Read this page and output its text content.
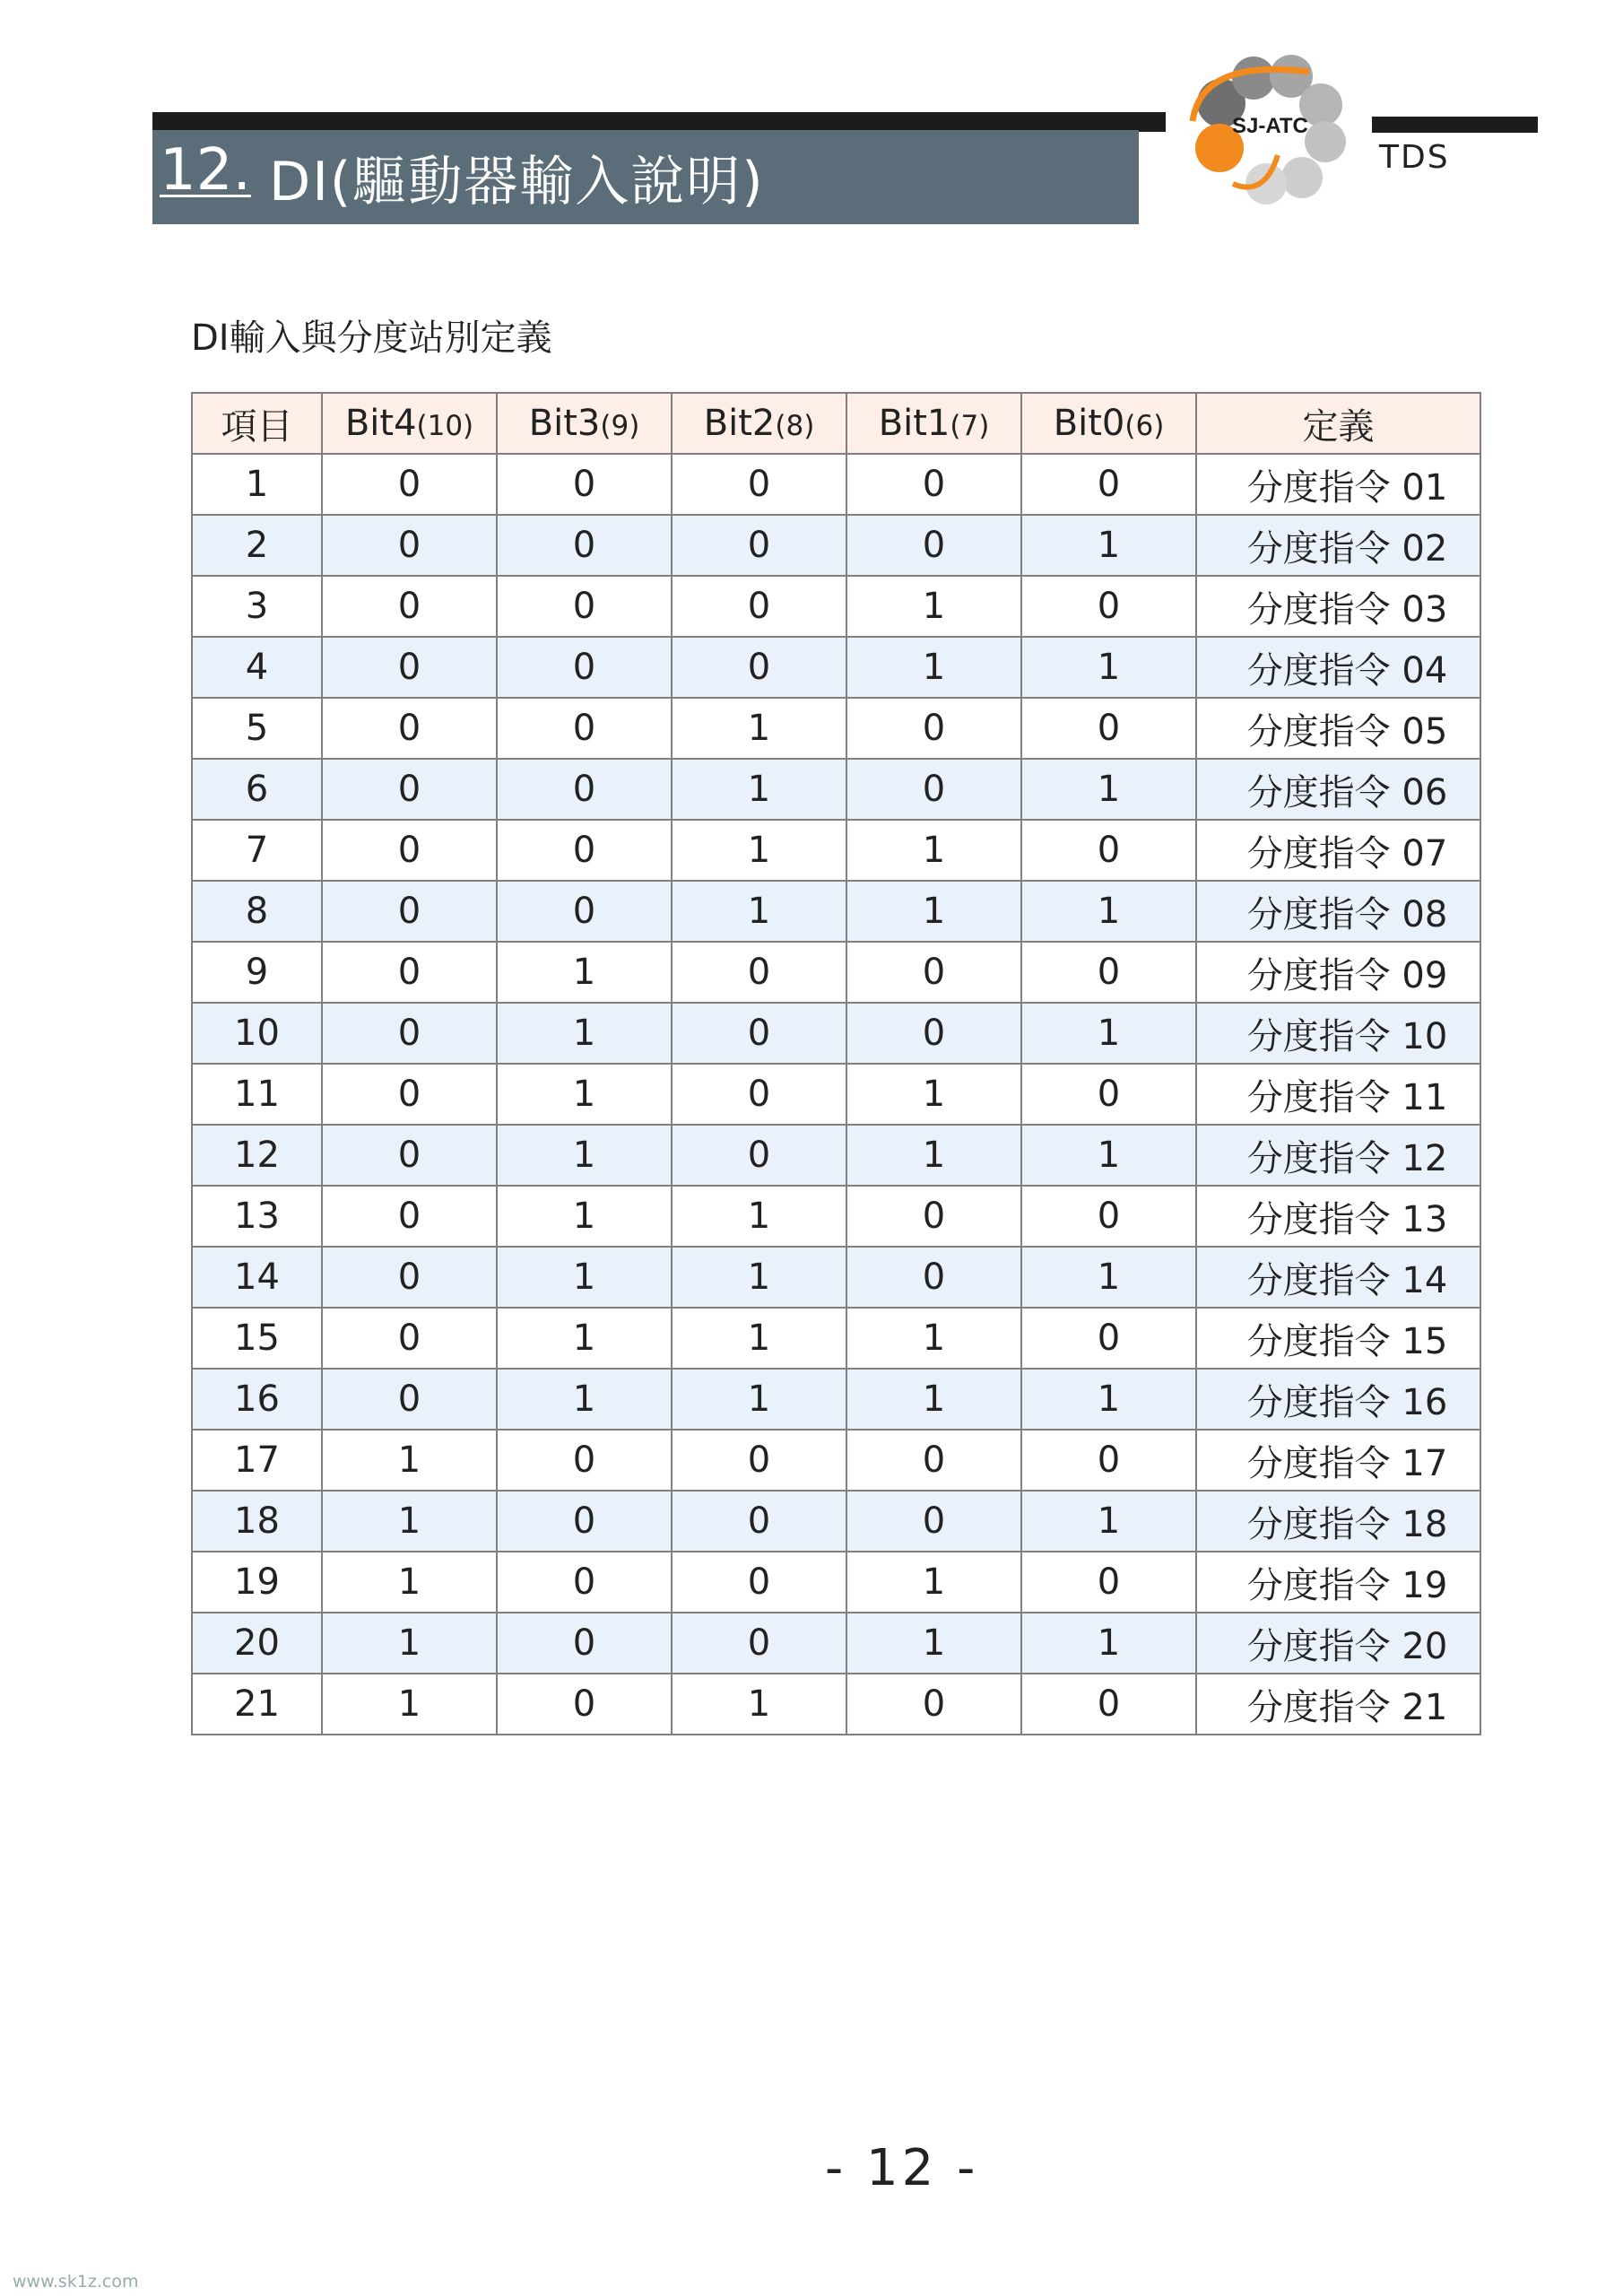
12. DI(驅動器輸入說明)
SJ-ATC
TDS
DI輸入與分度站別定義
項目	Bit4(10)	Bit3(9)	Bit2(8)	Bit1(7)	Bit0(6)	定義
1	0	0	0	0	0	分度指令 01
2	0	0	0	0	1	分度指令 02
3	0	0	0	1	0	分度指令 03
4	0	0	0	1	1	分度指令 04
5	0	0	1	0	0	分度指令 05
6	0	0	1	0	1	分度指令 06
7	0	0	1	1	0	分度指令 07
8	0	0	1	1	1	分度指令 08
9	0	1	0	0	0	分度指令 09
10	0	1	0	0	1	分度指令 10
11	0	1	0	1	0	分度指令 11
12	0	1	0	1	1	分度指令 12
13	0	1	1	0	0	分度指令 13
14	0	1	1	0	1	分度指令 14
15	0	1	1	1	0	分度指令 15
16	0	1	1	1	1	分度指令 16
17	1	0	0	0	0	分度指令 17
18	1	0	0	0	1	分度指令 18
19	1	0	0	1	0	分度指令 19
20	1	0	0	1	1	分度指令 20
21	1	0	1	0	0	分度指令 21
- 12 -
www.sk1z.com
